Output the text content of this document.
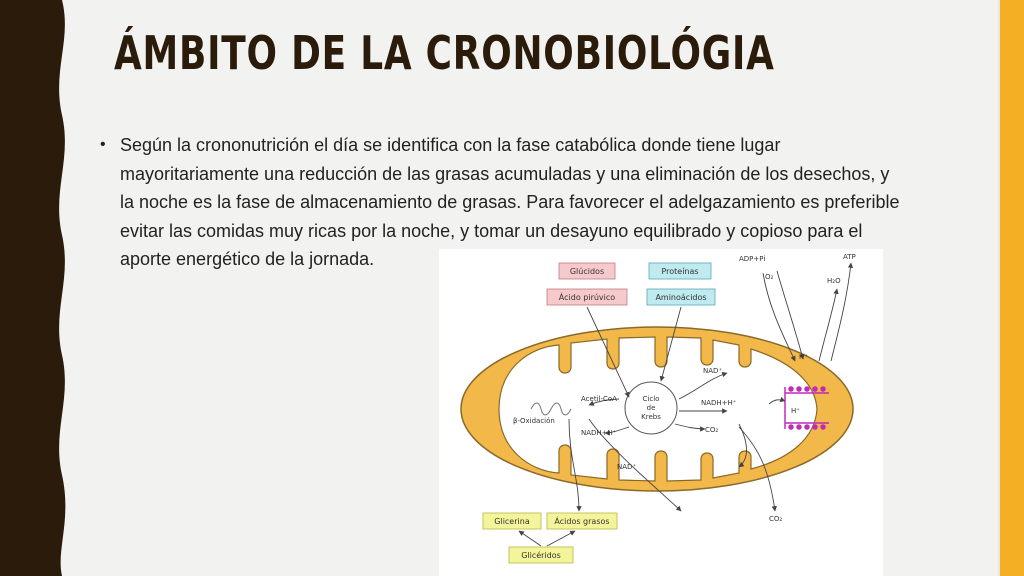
ÁMBITO DE LA CRONOBIOLÓGIA
• Según la crononutrición el día se identifica con la fase catabólica donde tiene lugar
mayoritariamente una reducción de las grasas acumuladas y una eliminación de los desechos, y
la noche es la fase de almacenamiento de grasas. Para favorecer el adelgazamiento es preferible
evitar las comidas muy ricas por la noche, y tomar un desayuno equilibrado y copioso para el
aporte energético de la jornada.
Glúcidos
Ácido pirúvico
Proteínas
Aminoácidos
Glicerina	Ácidos grasos
Glicéridos
ADP+Pi	ATP
O₂	H₂O
H⁺
NAD⁺
NADH+H⁺
H⁺
Acetil-CoA	Ciclo
de
Krebs
β-Oxidación
NADH+H⁺	CO₂
NAD⁺
CO₂
